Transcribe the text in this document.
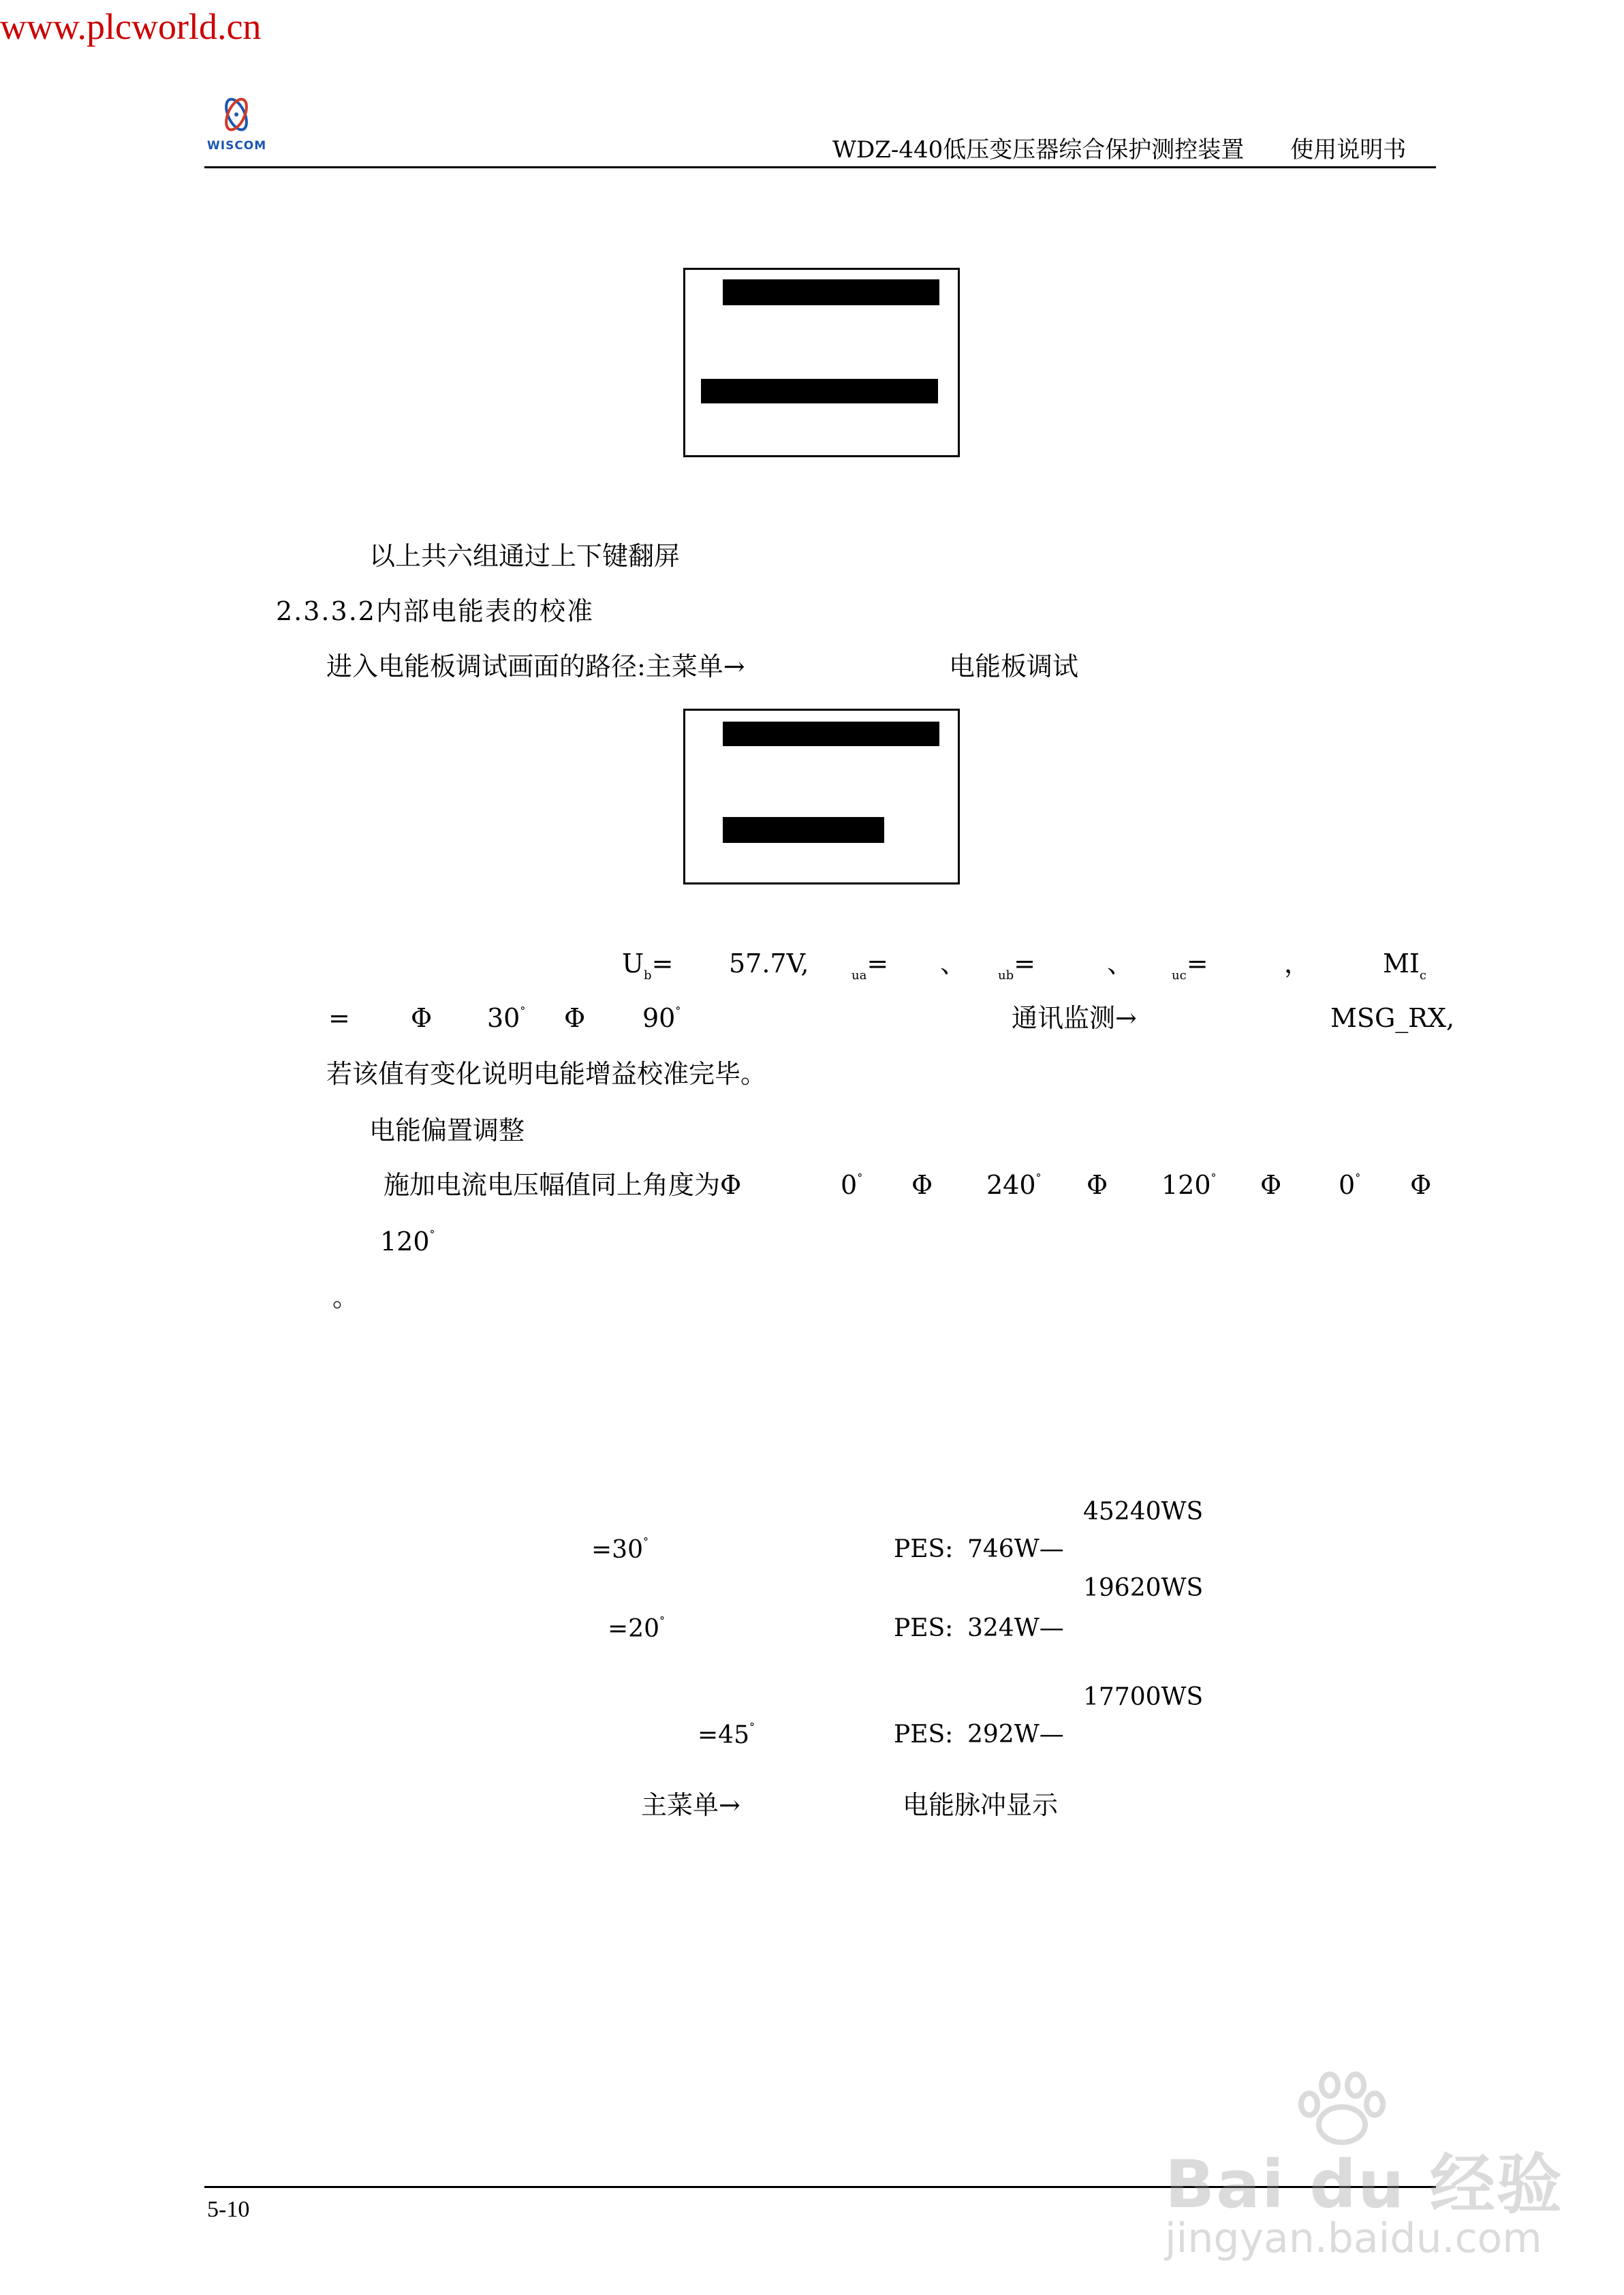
www.plcworld.cn
WISCOM	WDZ-440低压变压器综合保护测控装置　　使用说明书
以上共六组通过上下键翻屏
2.3.3.2内部电能表的校准
进入电能板调试画面的路径:主菜单→	电能板调试
$U_b= 57.7V$,	$_{ua}$= 、	$_{ub}$=	、	$_{uc}$=	，	$MI_c$
= Φ 30° Φ 90°	通讯监测→	MSG_RX,
若该值有变化说明电能增益校准完毕。
电能偏置调整
施加电流电压幅值同上角度为Φ	0° Φ 240° Φ 120° Φ 0° Φ
120°
。
45240WS
=30°	PES: 746W—
19620WS
=20°	PES: 324W—
17700WS
=45°	PES: 292W—
主菜单→	电能脉冲显示
5-10	Bai du 经验
jingyan.baidu.com
